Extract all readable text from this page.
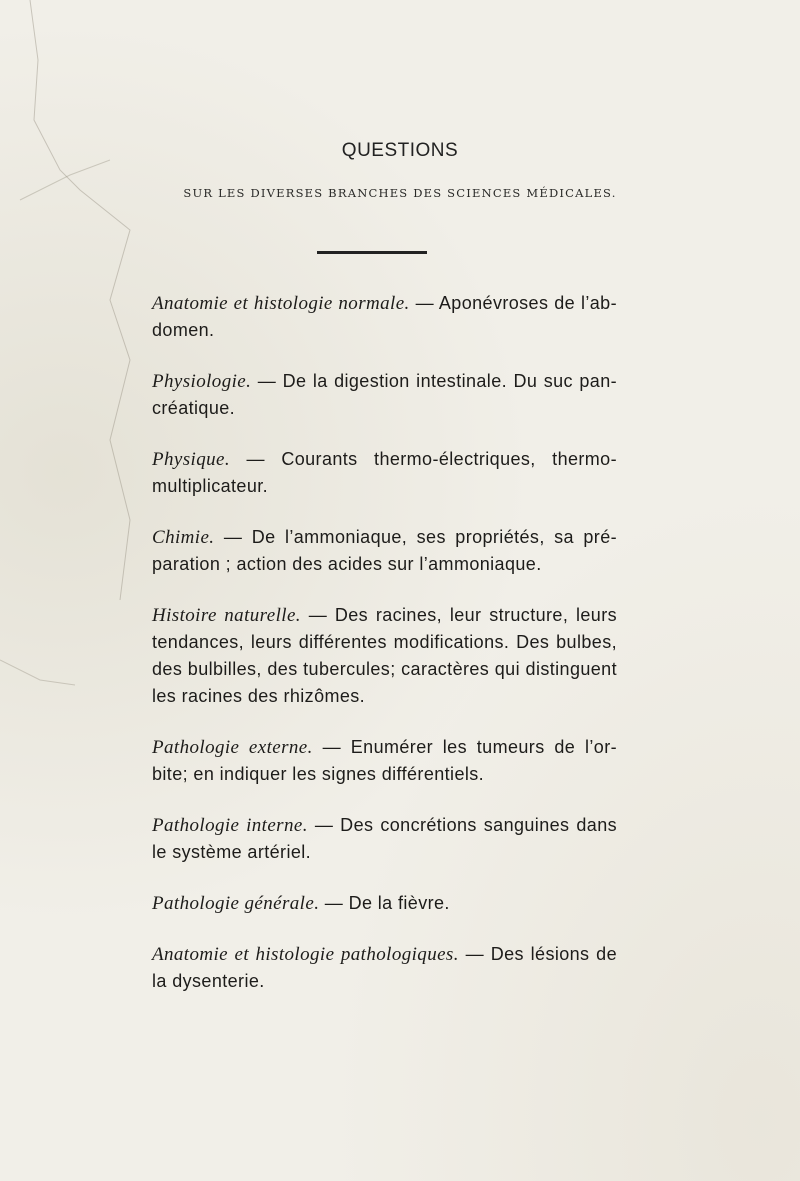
QUESTIONS
SUR LES DIVERSES BRANCHES DES SCIENCES MÉDICALES.

Anatomie et histologie normale. — Aponévroses de l’ab-domen.

Physiologie. — De la digestion intestinale. Du suc pan-créatique.

Physique. — Courants thermo-électriques, thermo-multiplicateur.

Chimie. — De l’ammoniaque, ses propriétés, sa pré-paration ; action des acides sur l’ammoniaque.

Histoire naturelle. — Des racines, leur structure, leurs tendances, leurs différentes modifications. Des bulbes, des bulbilles, des tubercules; caractères qui distinguent les racines des rhizômes.

Pathologie externe. — Enumérer les tumeurs de l’or-bite; en indiquer les signes différentiels.

Pathologie interne. — Des concrétions sanguines dans le système artériel.

Pathologie générale. — De la fièvre.

Anatomie et histologie pathologiques. — Des lésions de la dysenterie.
